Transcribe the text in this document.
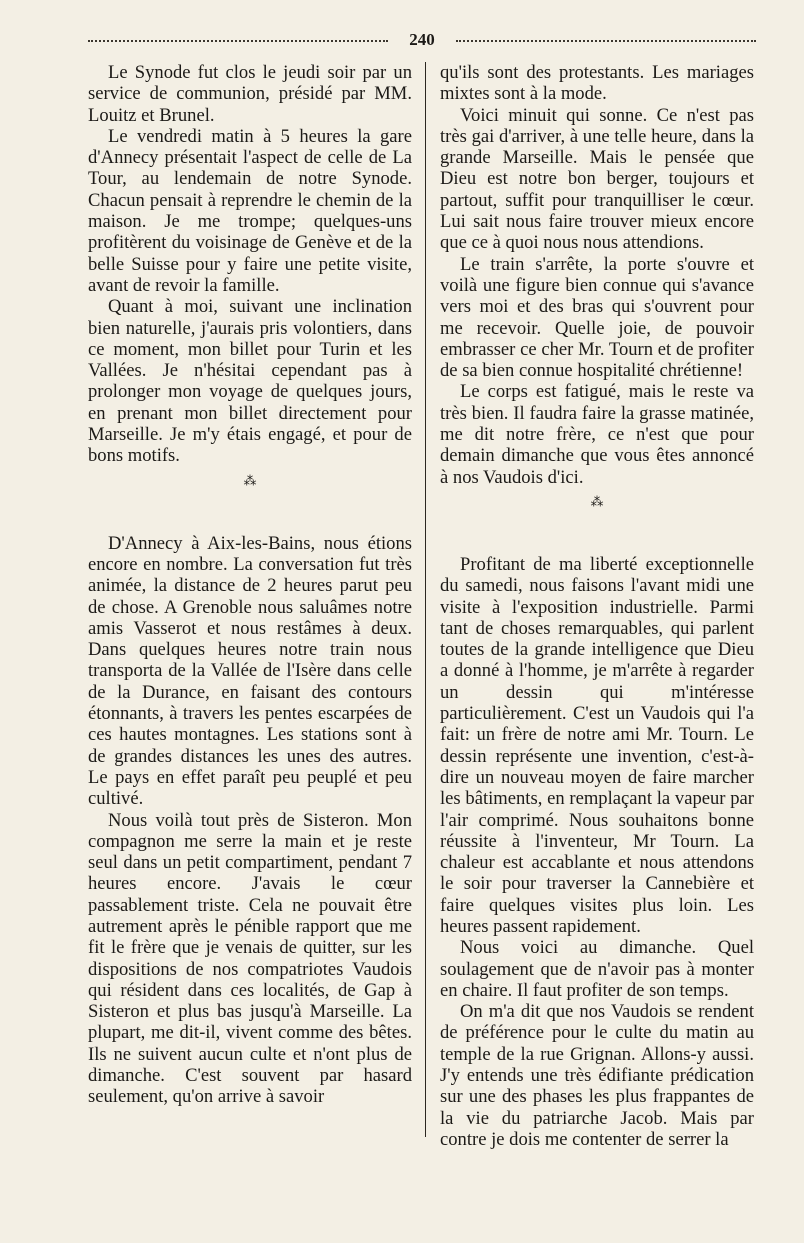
240

Le Synode fut clos le jeudi soir par un service de communion, présidé par MM. Louitz et Brunel.

Le vendredi matin à 5 heures la gare d'Annecy présentait l'aspect de celle de La Tour, au lendemain de notre Synode. Chacun pensait à reprendre le chemin de la maison. Je me trompe; quelques-uns profitèrent du voisinage de Genève et de la belle Suisse pour y faire une petite visite, avant de revoir la famille.

Quant à moi, suivant une inclination bien naturelle, j'aurais pris volontiers, dans ce moment, mon billet pour Turin et les Vallées. Je n'hésitai cependant pas à prolonger mon voyage de quelques jours, en prenant mon billet directement pour Marseille. Je m'y étais engagé, et pour de bons motifs.

⁂

D'Annecy à Aix-les-Bains, nous étions encore en nombre. La conversation fut très animée, la distance de 2 heures parut peu de chose. A Grenoble nous saluâmes notre amis Vasserot et nous restâmes à deux. Dans quelques heures notre train nous transporta de la Vallée de l'Isère dans celle de la Durance, en faisant des contours étonnants, à travers les pentes escarpées de ces hautes montagnes. Les stations sont à de grandes distances les unes des autres. Le pays en effet paraît peu peuplé et peu cultivé.

Nous voilà tout près de Sisteron. Mon compagnon me serre la main et je reste seul dans un petit compartiment, pendant 7 heures encore. J'avais le cœur passablement triste. Cela ne pouvait être autrement après le pénible rapport que me fit le frère que je venais de quitter, sur les dispositions de nos compatriotes Vaudois qui résident dans ces localités, de Gap à Sisteron et plus bas jusqu'à Marseille. La plupart, me dit-il, vivent comme des bêtes. Ils ne suivent aucun culte et n'ont plus de dimanche. C'est souvent par hasard seulement, qu'on arrive à savoir

qu'ils sont des protestants. Les mariages mixtes sont à la mode.

Voici minuit qui sonne. Ce n'est pas très gai d'arriver, à une telle heure, dans la grande Marseille. Mais le pensée que Dieu est notre bon berger, toujours et partout, suffit pour tranquilliser le cœur. Lui sait nous faire trouver mieux encore que ce à quoi nous nous attendions.

Le train s'arrête, la porte s'ouvre et voilà une figure bien connue qui s'avance vers moi et des bras qui s'ouvrent pour me recevoir. Quelle joie, de pouvoir embrasser ce cher Mr. Tourn et de profiter de sa bien connue hospitalité chrétienne!

Le corps est fatigué, mais le reste va très bien. Il faudra faire la grasse matinée, me dit notre frère, ce n'est que pour demain dimanche que vous êtes annoncé à nos Vaudois d'ici.

⁂

Profitant de ma liberté exceptionnelle du samedi, nous faisons l'avant midi une visite à l'exposition industrielle. Parmi tant de choses remarquables, qui parlent toutes de la grande intelligence que Dieu a donné à l'homme, je m'arrête à regarder un dessin qui m'intéresse particulièrement. C'est un Vaudois qui l'a fait: un frère de notre ami Mr. Tourn. Le dessin représente une invention, c'est-à-dire un nouveau moyen de faire marcher les bâtiments, en remplaçant la vapeur par l'air comprimé. Nous souhaitons bonne réussite à l'inventeur, Mr Tourn. La chaleur est accablante et nous attendons le soir pour traverser la Cannebière et faire quelques visites plus loin. Les heures passent rapidement.

Nous voici au dimanche. Quel soulagement que de n'avoir pas à monter en chaire. Il faut profiter de son temps.

On m'a dit que nos Vaudois se rendent de préférence pour le culte du matin au temple de la rue Grignan. Allons-y aussi. J'y entends une très édifiante prédication sur une des phases les plus frappantes de la vie du patriarche Jacob. Mais par contre je dois me contenter de serrer la
